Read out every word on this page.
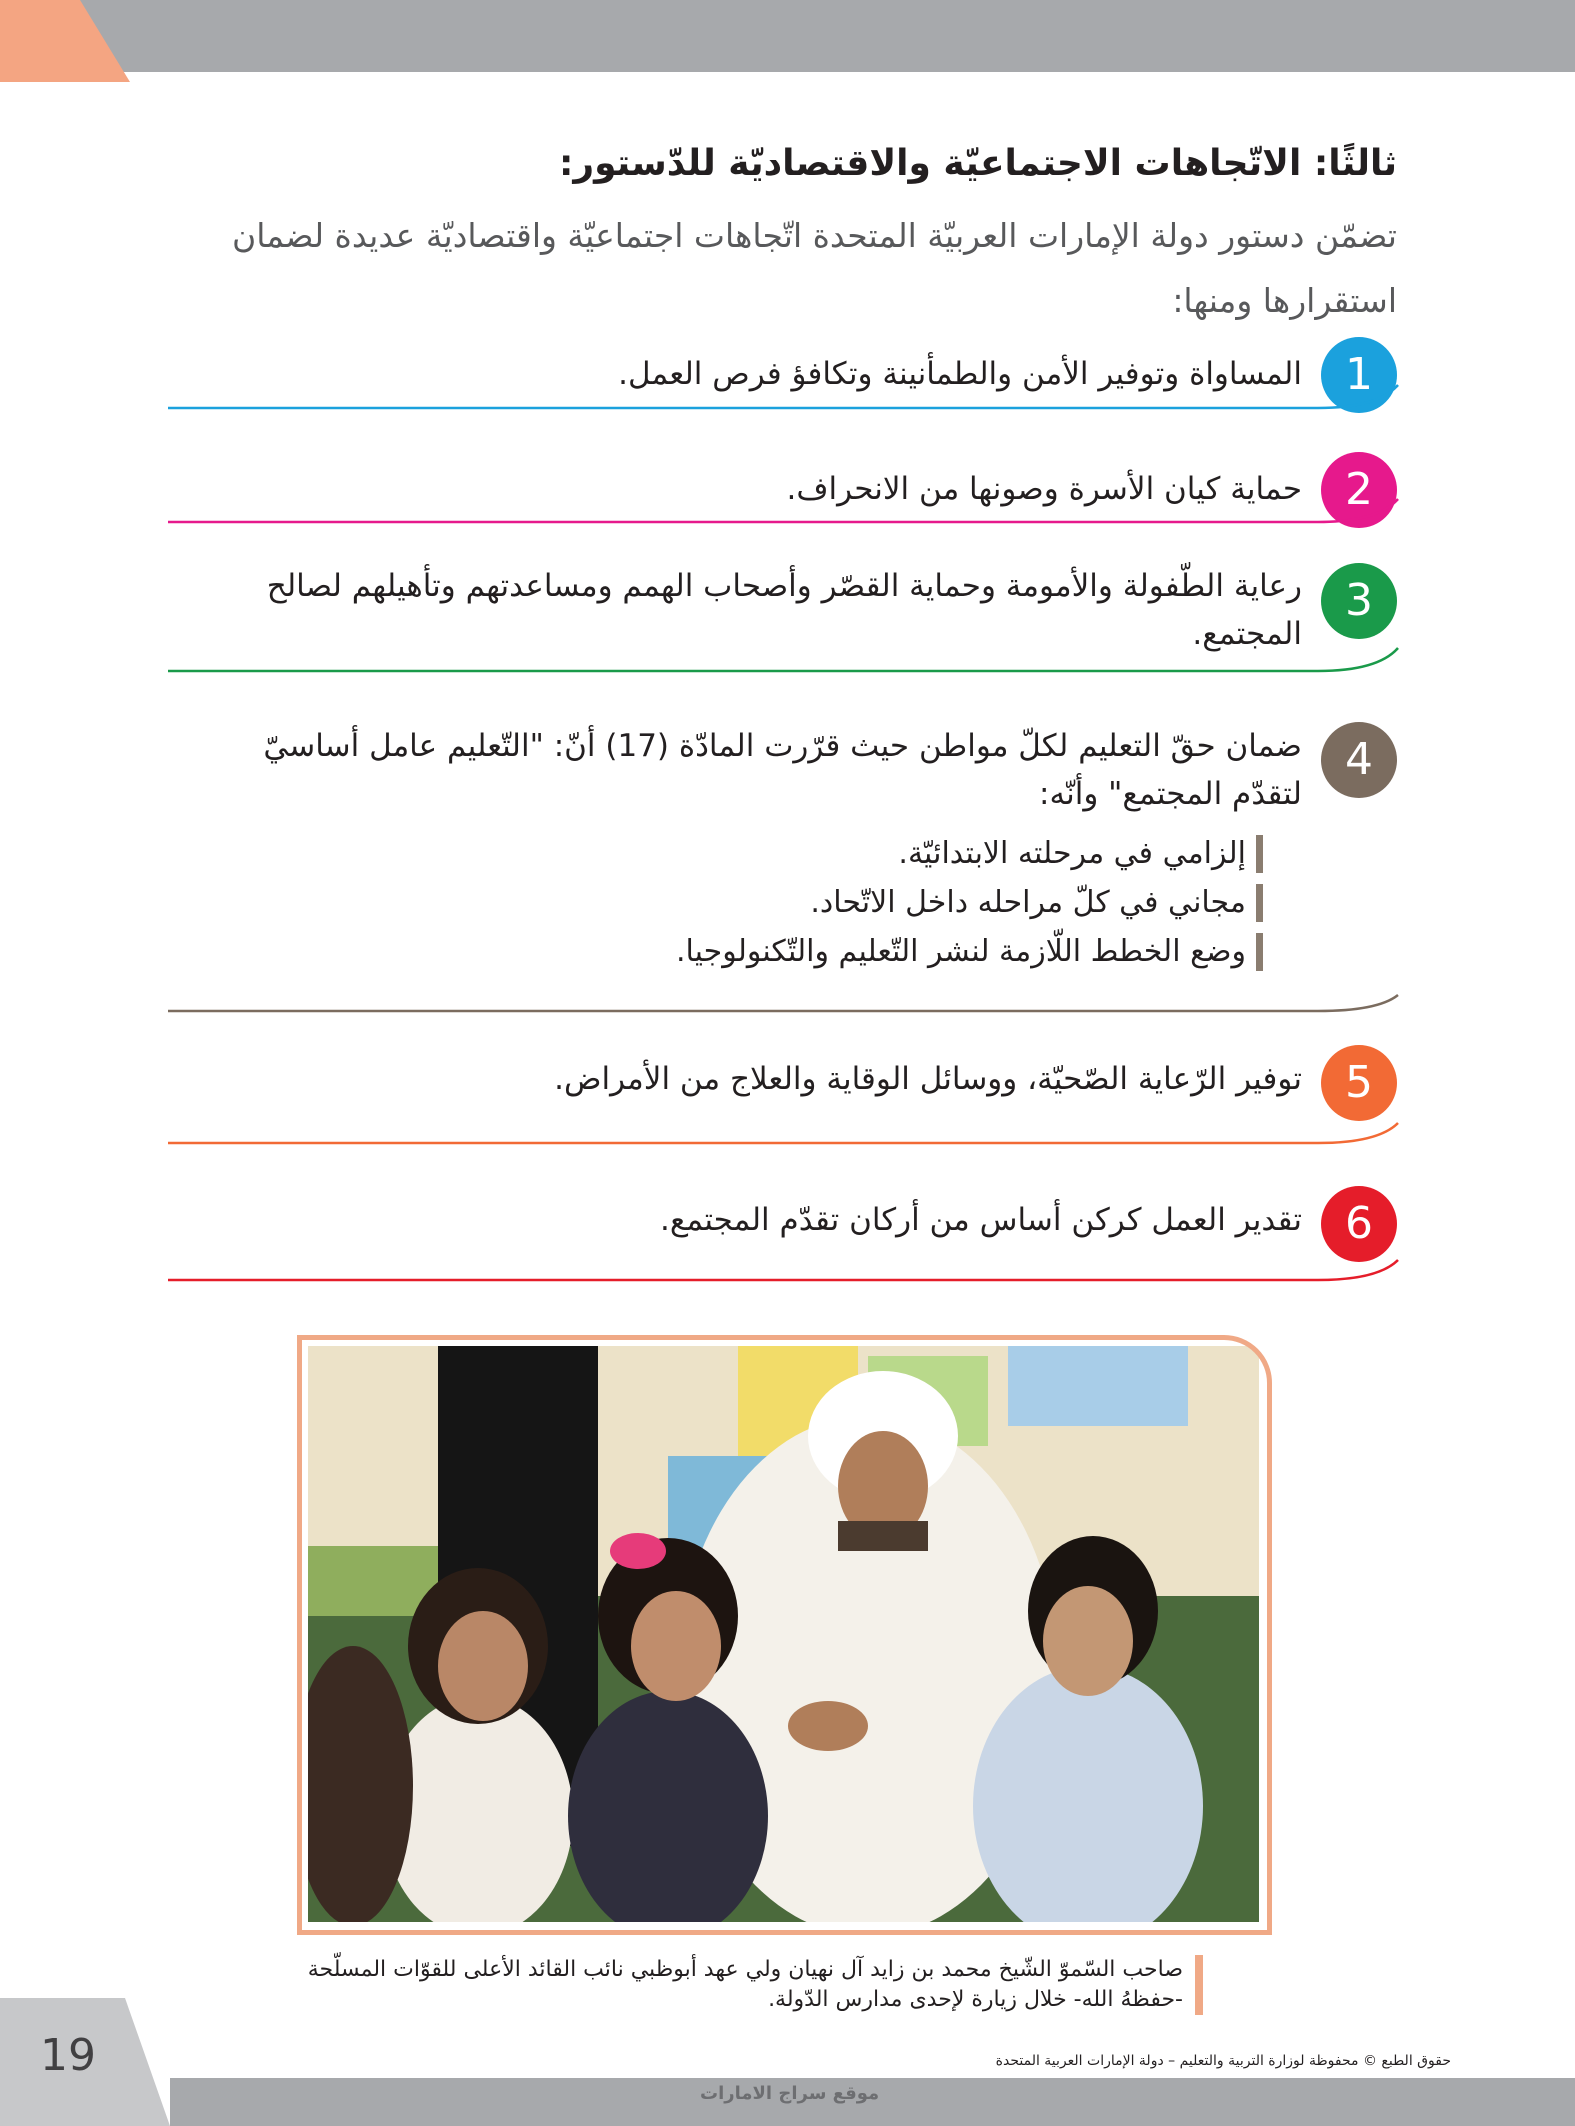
ثالثًا: الاتّجاهات الاجتماعيّة والاقتصاديّة للدّستور:
تضمّن دستور دولة الإمارات العربيّة المتحدة اتّجاهات اجتماعيّة واقتصاديّة عديدة لضمان استقرارها ومنها:
1
المساواة وتوفير الأمن والطمأنينة وتكافؤ فرص العمل.
2
حماية كيان الأسرة وصونها من الانحراف.
3
رعاية الطّفولة والأمومة وحماية القصّر وأصحاب الهمم ومساعدتهم وتأهيلهم لصالح المجتمع.
4
ضمان حقّ التعليم لكلّ مواطن حيث قرّرت المادّة (17) أنّ: "التّعليم عامل أساسيّ لتقدّم المجتمع" وأنّه:
إلزامي في مرحلته الابتدائيّة.
مجاني في كلّ مراحله داخل الاتّحاد.
وضع الخطط اللّازمة لنشر التّعليم والتّكنولوجيا.
5
توفير الرّعاية الصّحيّة، ووسائل الوقاية والعلاج من الأمراض.
6
تقدير العمل كركن أساس من أركان تقدّم المجتمع.
صاحب السّموّ الشّيخ محمد بن زايد آل نهيان ولي عهد أبوظبي نائب القائد الأعلى للقوّات المسلّحة -حفظهُ الله- خلال زيارة لإحدى مدارس الدّولة.
19	حقوق الطبع © محفوظة لوزارة التربية والتعليم – دولة الإمارات العربية المتحدة
موقع سراج الامارات
